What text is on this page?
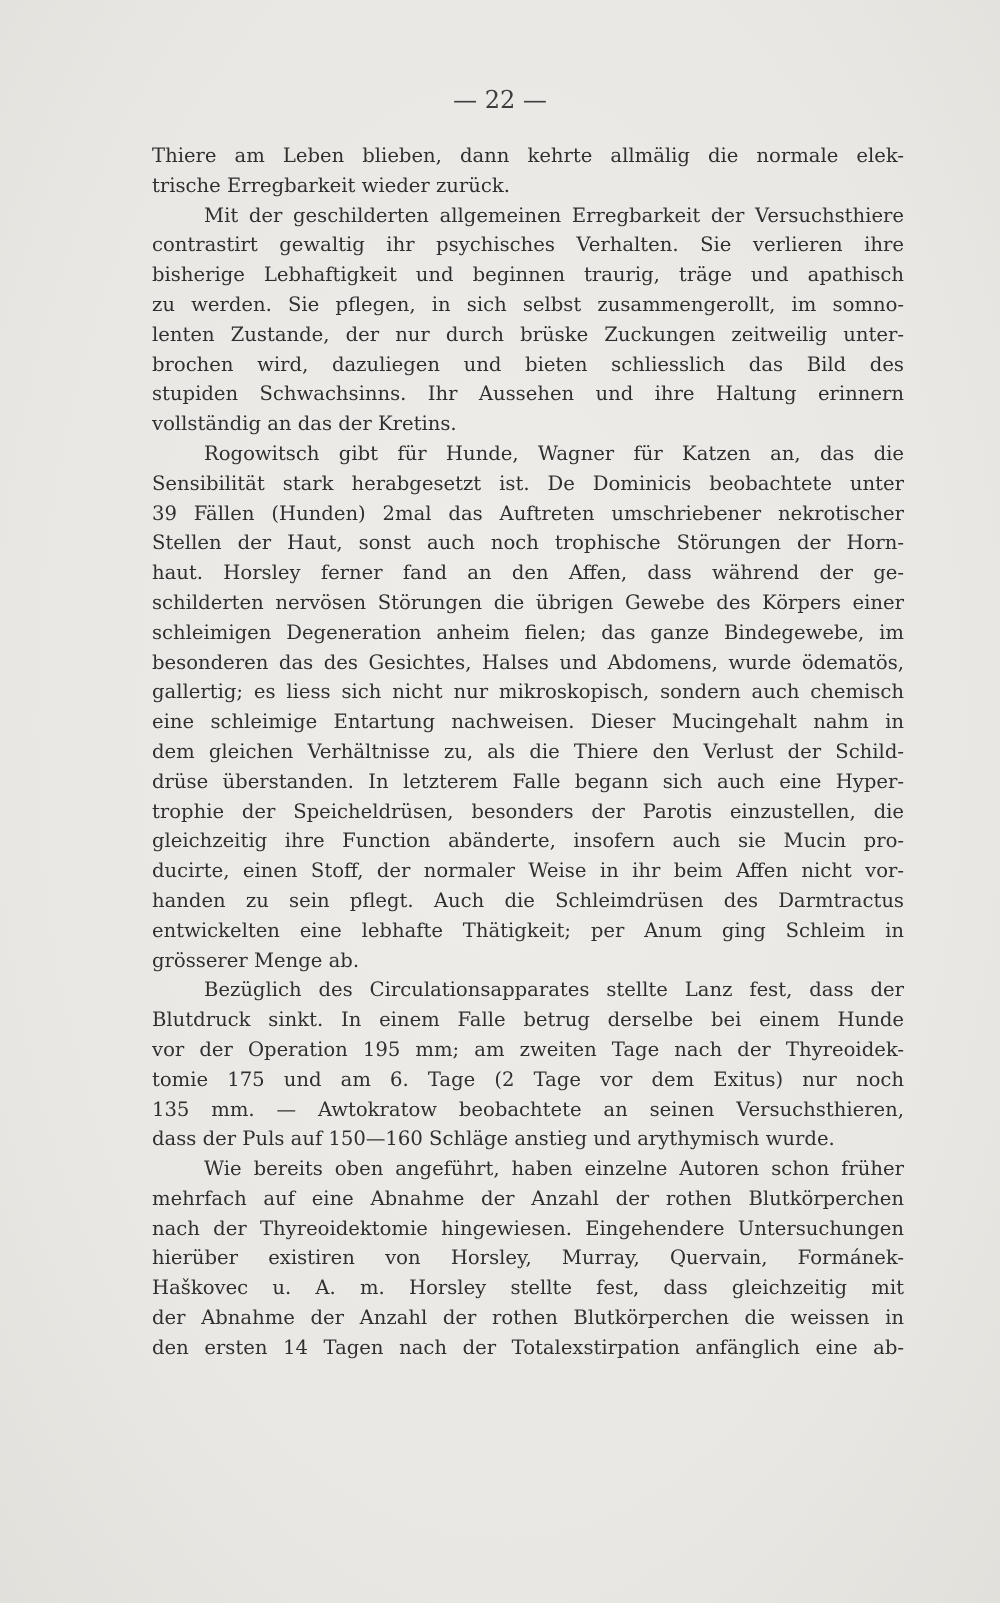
— 22 —
Thiere am Leben blieben, dann kehrte allmälig die normale elek-
trische Erregbarkeit wieder zurück.
Mit der geschilderten allgemeinen Erregbarkeit der Versuchsthiere
contrastirt gewaltig ihr psychisches Verhalten. Sie verlieren ihre
bisherige Lebhaftigkeit und beginnen traurig, träge und apathisch
zu werden. Sie pflegen, in sich selbst zusammengerollt, im somno-
lenten Zustande, der nur durch brüske Zuckungen zeitweilig unter-
brochen wird, dazuliegen und bieten schliesslich das Bild des
stupiden Schwachsinns. Ihr Aussehen und ihre Haltung erinnern
vollständig an das der Kretins.
Rogowitsch gibt für Hunde, Wagner für Katzen an, das die
Sensibilität stark herabgesetzt ist. De Dominicis beobachtete unter
39 Fällen (Hunden) 2mal das Auftreten umschriebener nekrotischer
Stellen der Haut, sonst auch noch trophische Störungen der Horn-
haut. Horsley ferner fand an den Affen, dass während der ge-
schilderten nervösen Störungen die übrigen Gewebe des Körpers einer
schleimigen Degeneration anheim fielen; das ganze Bindegewebe, im
besonderen das des Gesichtes, Halses und Abdomens, wurde ödematös,
gallertig; es liess sich nicht nur mikroskopisch, sondern auch chemisch
eine schleimige Entartung nachweisen. Dieser Mucingehalt nahm in
dem gleichen Verhältnisse zu, als die Thiere den Verlust der Schild-
drüse überstanden. In letzterem Falle begann sich auch eine Hyper-
trophie der Speicheldrüsen, besonders der Parotis einzustellen, die
gleichzeitig ihre Function abänderte, insofern auch sie Mucin pro-
ducirte, einen Stoff, der normaler Weise in ihr beim Affen nicht vor-
handen zu sein pflegt. Auch die Schleimdrüsen des Darmtractus
entwickelten eine lebhafte Thätigkeit; per Anum ging Schleim in
grösserer Menge ab.
Bezüglich des Circulationsapparates stellte Lanz fest, dass der
Blutdruck sinkt. In einem Falle betrug derselbe bei einem Hunde
vor der Operation 195 mm; am zweiten Tage nach der Thyreoidek-
tomie 175 und am 6. Tage (2 Tage vor dem Exitus) nur noch
135 mm. — Awtokratow beobachtete an seinen Versuchsthieren,
dass der Puls auf 150—160 Schläge anstieg und arythymisch wurde.
Wie bereits oben angeführt, haben einzelne Autoren schon früher
mehrfach auf eine Abnahme der Anzahl der rothen Blutkörperchen
nach der Thyreoidektomie hingewiesen. Eingehendere Untersuchungen
hierüber existiren von Horsley, Murray, Quervain, Formánek-
Haškovec u. A. m. Horsley stellte fest, dass gleichzeitig mit
der Abnahme der Anzahl der rothen Blutkörperchen die weissen in
den ersten 14 Tagen nach der Totalexstirpation anfänglich eine ab-
